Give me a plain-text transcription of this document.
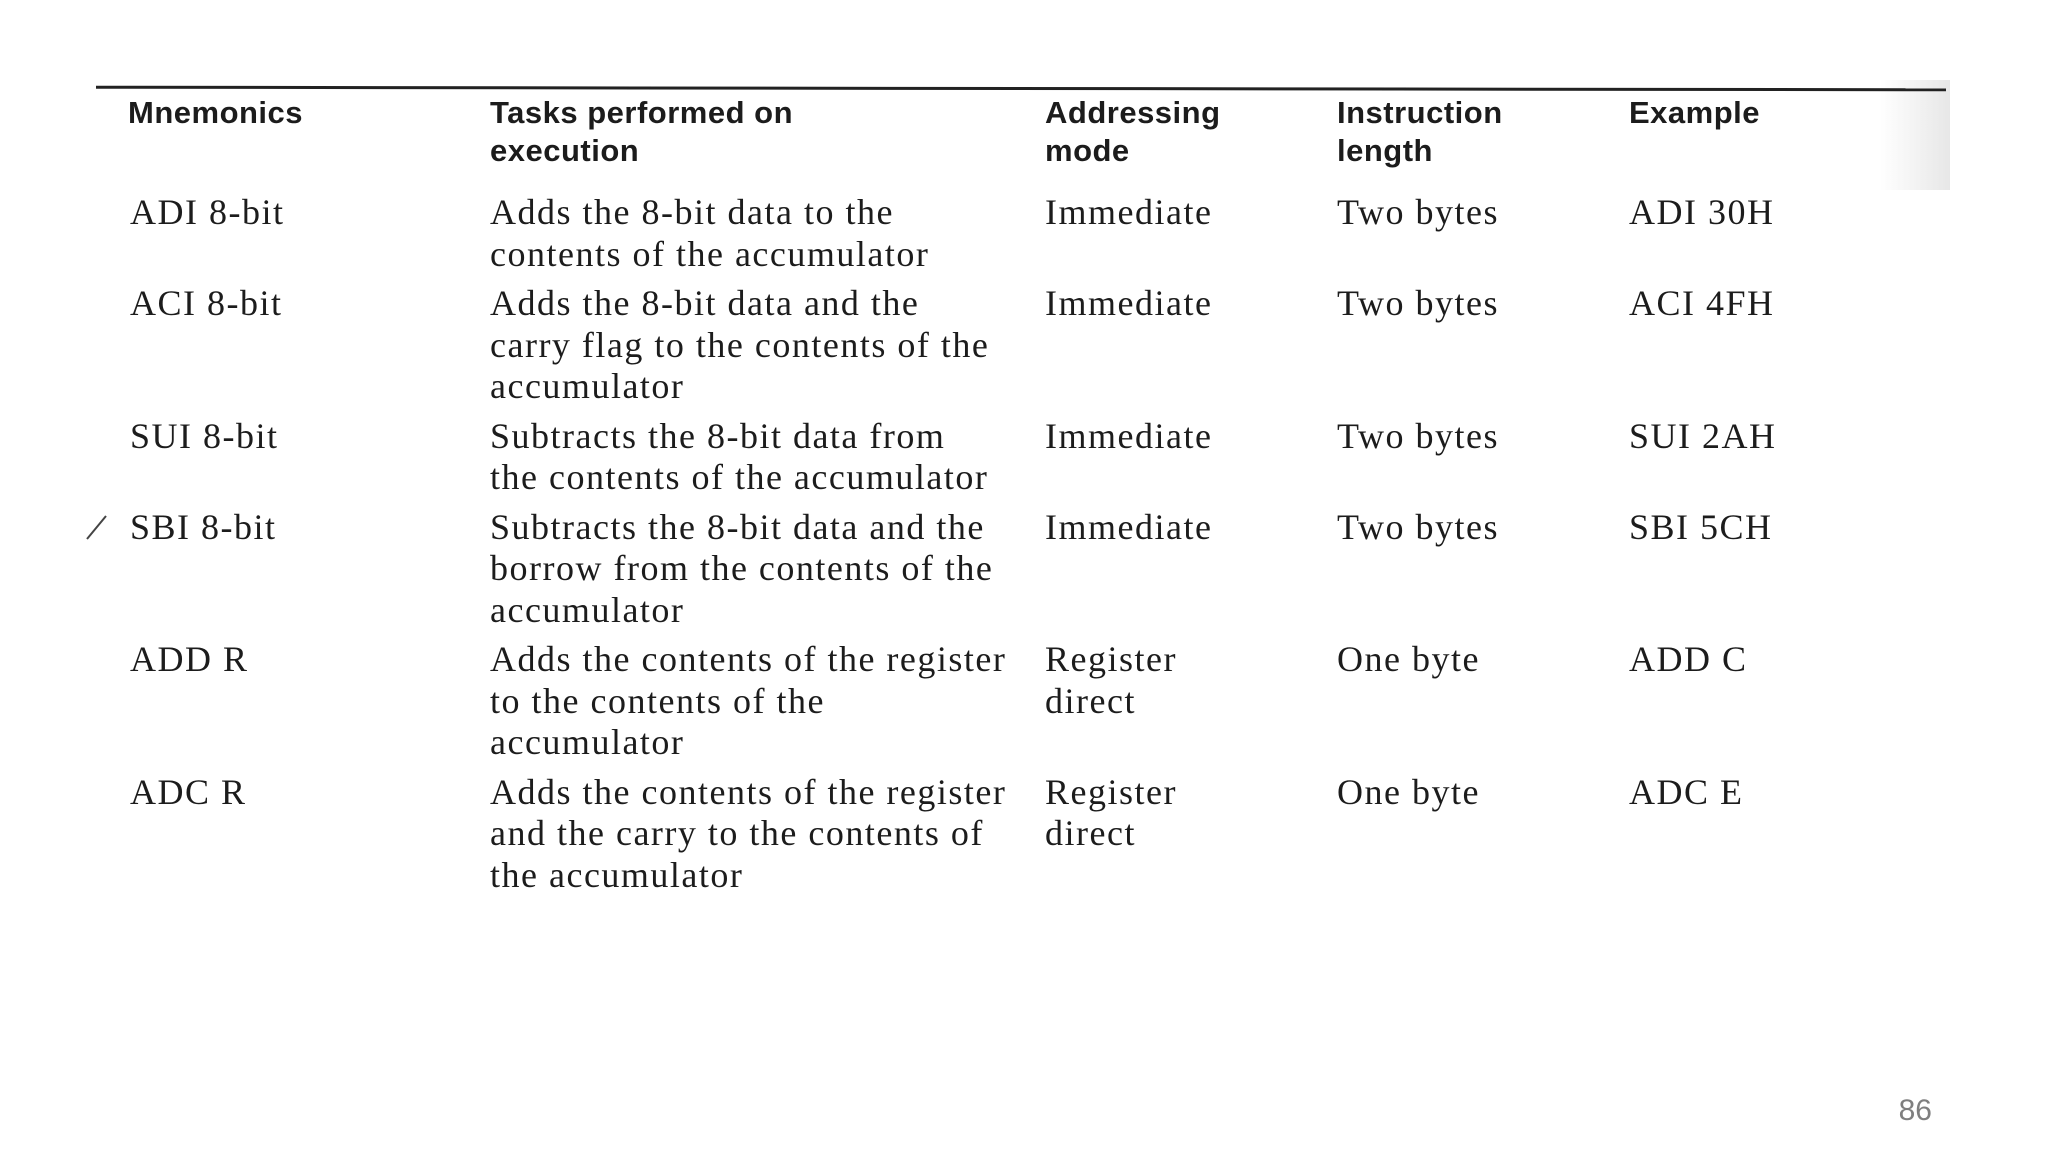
Mnemonics	Tasks performed on execution	Addressing mode	Instruction length	Example
ADI 8-bit	Adds the 8-bit data to the contents of the accumulator	Immediate	Two bytes	ADI 30H
ACI 8-bit	Adds the 8-bit data and the carry flag to the contents of the accumulator	Immediate	Two bytes	ACI 4FH
SUI 8-bit	Subtracts the 8-bit data from the contents of the accumulator	Immediate	Two bytes	SUI 2AH
SBI 8-bit	Subtracts the 8-bit data and the borrow from the contents of the accumulator	Immediate	Two bytes	SBI 5CH
ADD R	Adds the contents of the register to the contents of the accumulator	Register direct	One byte	ADD C
ADC R	Adds the contents of the register and the carry to the contents of the accumulator	Register direct	One byte	ADC E
86
